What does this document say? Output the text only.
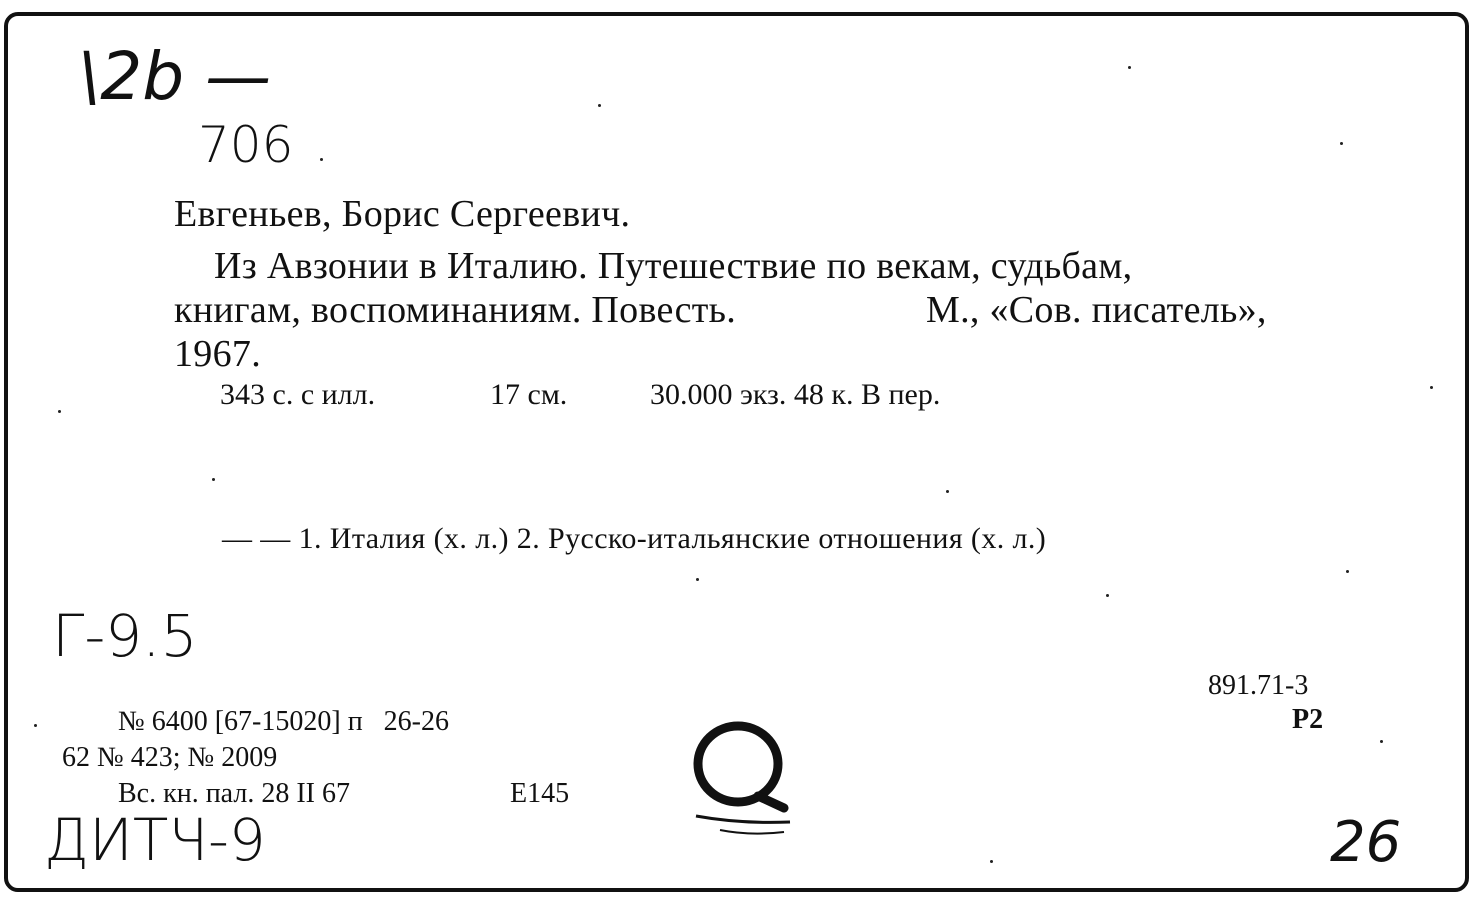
\2b —
706
Евгеньев, Борис Сергеевич.
Из Авзонии в Италию. Путешествие по векам, судьбам,
книгам, воспоминаниям. Повесть.	М., «Сов. писатель»,
1967.
343 с. с илл.	17 см.	30.000 экз. 48 к. В пер.
— — 1. Италия (х. л.) 2. Русско-итальянские отношения (х. л.)
Г-9.5
№ 6400 [67-15020] п   26-26
62 № 423; № 2009
Вс. кн. пал. 28 II 67	E145
891.71-3
Р2
ДИТЧ-9	26
